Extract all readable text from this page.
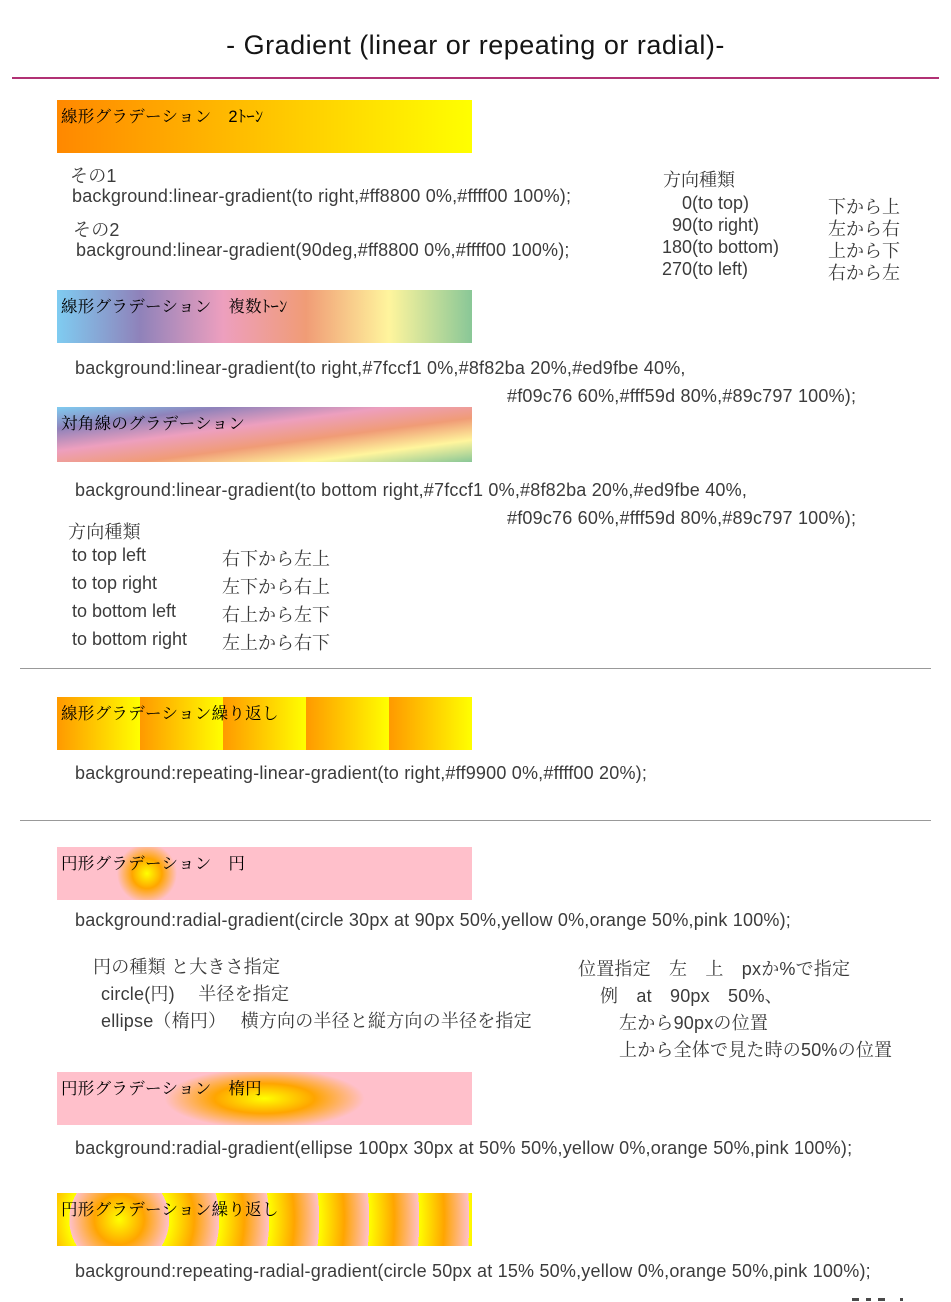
- Gradient (linear or repeating or radial)-
線形グラデーション　2ﾄｰﾝ
その1
background:linear-gradient(to right,#ff8800 0%,#ffff00 100%);
その2
background:linear-gradient(90deg,#ff8800 0%,#ffff00 100%);
方向種類
0(to top)	下から上
90(to right)	左から右
180(to bottom)	上から下
270(to left)	右から左
線形グラデーション　複数ﾄｰﾝ
background:linear-gradient(to right,#7fccf1 0%,#8f82ba 20%,#ed9fbe 40%,
#f09c76 60%,#fff59d 80%,#89c797 100%);
対角線のグラデーション
background:linear-gradient(to bottom right,#7fccf1 0%,#8f82ba 20%,#ed9fbe 40%,
#f09c76 60%,#fff59d 80%,#89c797 100%);
方向種類
to top left	右下から左上
to top right	左下から右上
to bottom left	右上から左下
to bottom right 左上から右下
線形グラデーション繰り返し
background:repeating-linear-gradient(to right,#ff9900 0%,#ffff00 20%);
円形グラデーション　円
background:radial-gradient(circle 30px at 90px 50%,yellow 0%,orange 50%,pink 100%);
円の種類 と大きさ指定
circle(円)　 半径を指定
ellipse（楕円）　 横方向の半径と縦方向の半径を指定
位置指定　左　上　pxか%で指定
例　at　90px　50%、
左から90pxの位置
上から全体で見た時の50%の位置
円形グラデーション　楕円
background:radial-gradient(ellipse 100px 30px at 50% 50%,yellow 0%,orange 50%,pink 100%);
円形グラデーション繰り返し
background:repeating-radial-gradient(circle 50px at 15% 50%,yellow 0%,orange 50%,pink 100%);
